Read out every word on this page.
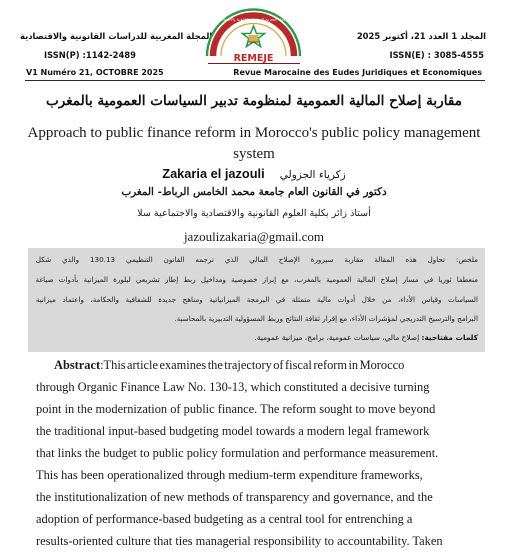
المجلة المغربية للدراسات القانونية والاقتصادية	المجلد 1 العدد 21، أكتوبر 2025
ISSN(P) :1142-2489	ISSN(E) : 3085-4555
V1 Numéro 21, OCTOBRE 2025	Revue Marocaine des Eudes Juridiques et Economiques
المجلة المغربية للدراسات القانونية والاقتصادية
REMEJE
مقاربة إصلاح المالية العمومية لمنظومة تدبير السياسات العمومية بالمغرب
Approach to public finance reform in Morocco's public policy management
system
Zakaria el jazouli زكرياء الجزولي
دكتور في القانون العام جامعة محمد الخامس الرباط- المغرب
أستاذ زائر بكلية العلوم القانونية والاقتصادية والاجتماعية سلا
jazoulizakaria@gmail.com
ملخص: تحاول هذه المقالة مقاربة سيرورة الإصلاح المالي الذي ترجمه القانون التنظيمي 130.13 والذي شكل
منعطفا ثوريا في مسار إصلاح المالية العمومية بالمغرب، مع إبراز خصوصية ومداخيل ربط إطار تشريعي لبلورة الميزانية بأدوات صياغة
السياسات وقياس الأداء، من خلال أدوات مالية متمثلة في البرمجة الميزانياتية ومناهج جديدة للشفافية والحكامة، واعتماد ميزانية
البرامج والترسيخ التدريجي لمؤشرات الأداء، مع إقرار ثقافة النتائج وربط المسؤولية التدبيرية بالمحاسبة.
كلمات مفتاحية: إصلاح مالي، سياسات عمومية، برامج، ميزانية عمومية.
Abstract:This article examines the trajectory of fiscal reform in Morocco
through Organic Finance Law No. 130-13, which constituted a decisive turning
point in the modernization of public finance. The reform sought to move beyond
the traditional input-based budgeting model towards a modern legal framework
that links the budget to public policy formulation and performance measurement.
This has been operationalized through medium-term expenditure frameworks,
the institutionalization of new methods of transparency and governance, and the
adoption of performance-based budgeting as a central tool for entrenching a
results-oriented culture that ties managerial responsibility to accountability. Taken
